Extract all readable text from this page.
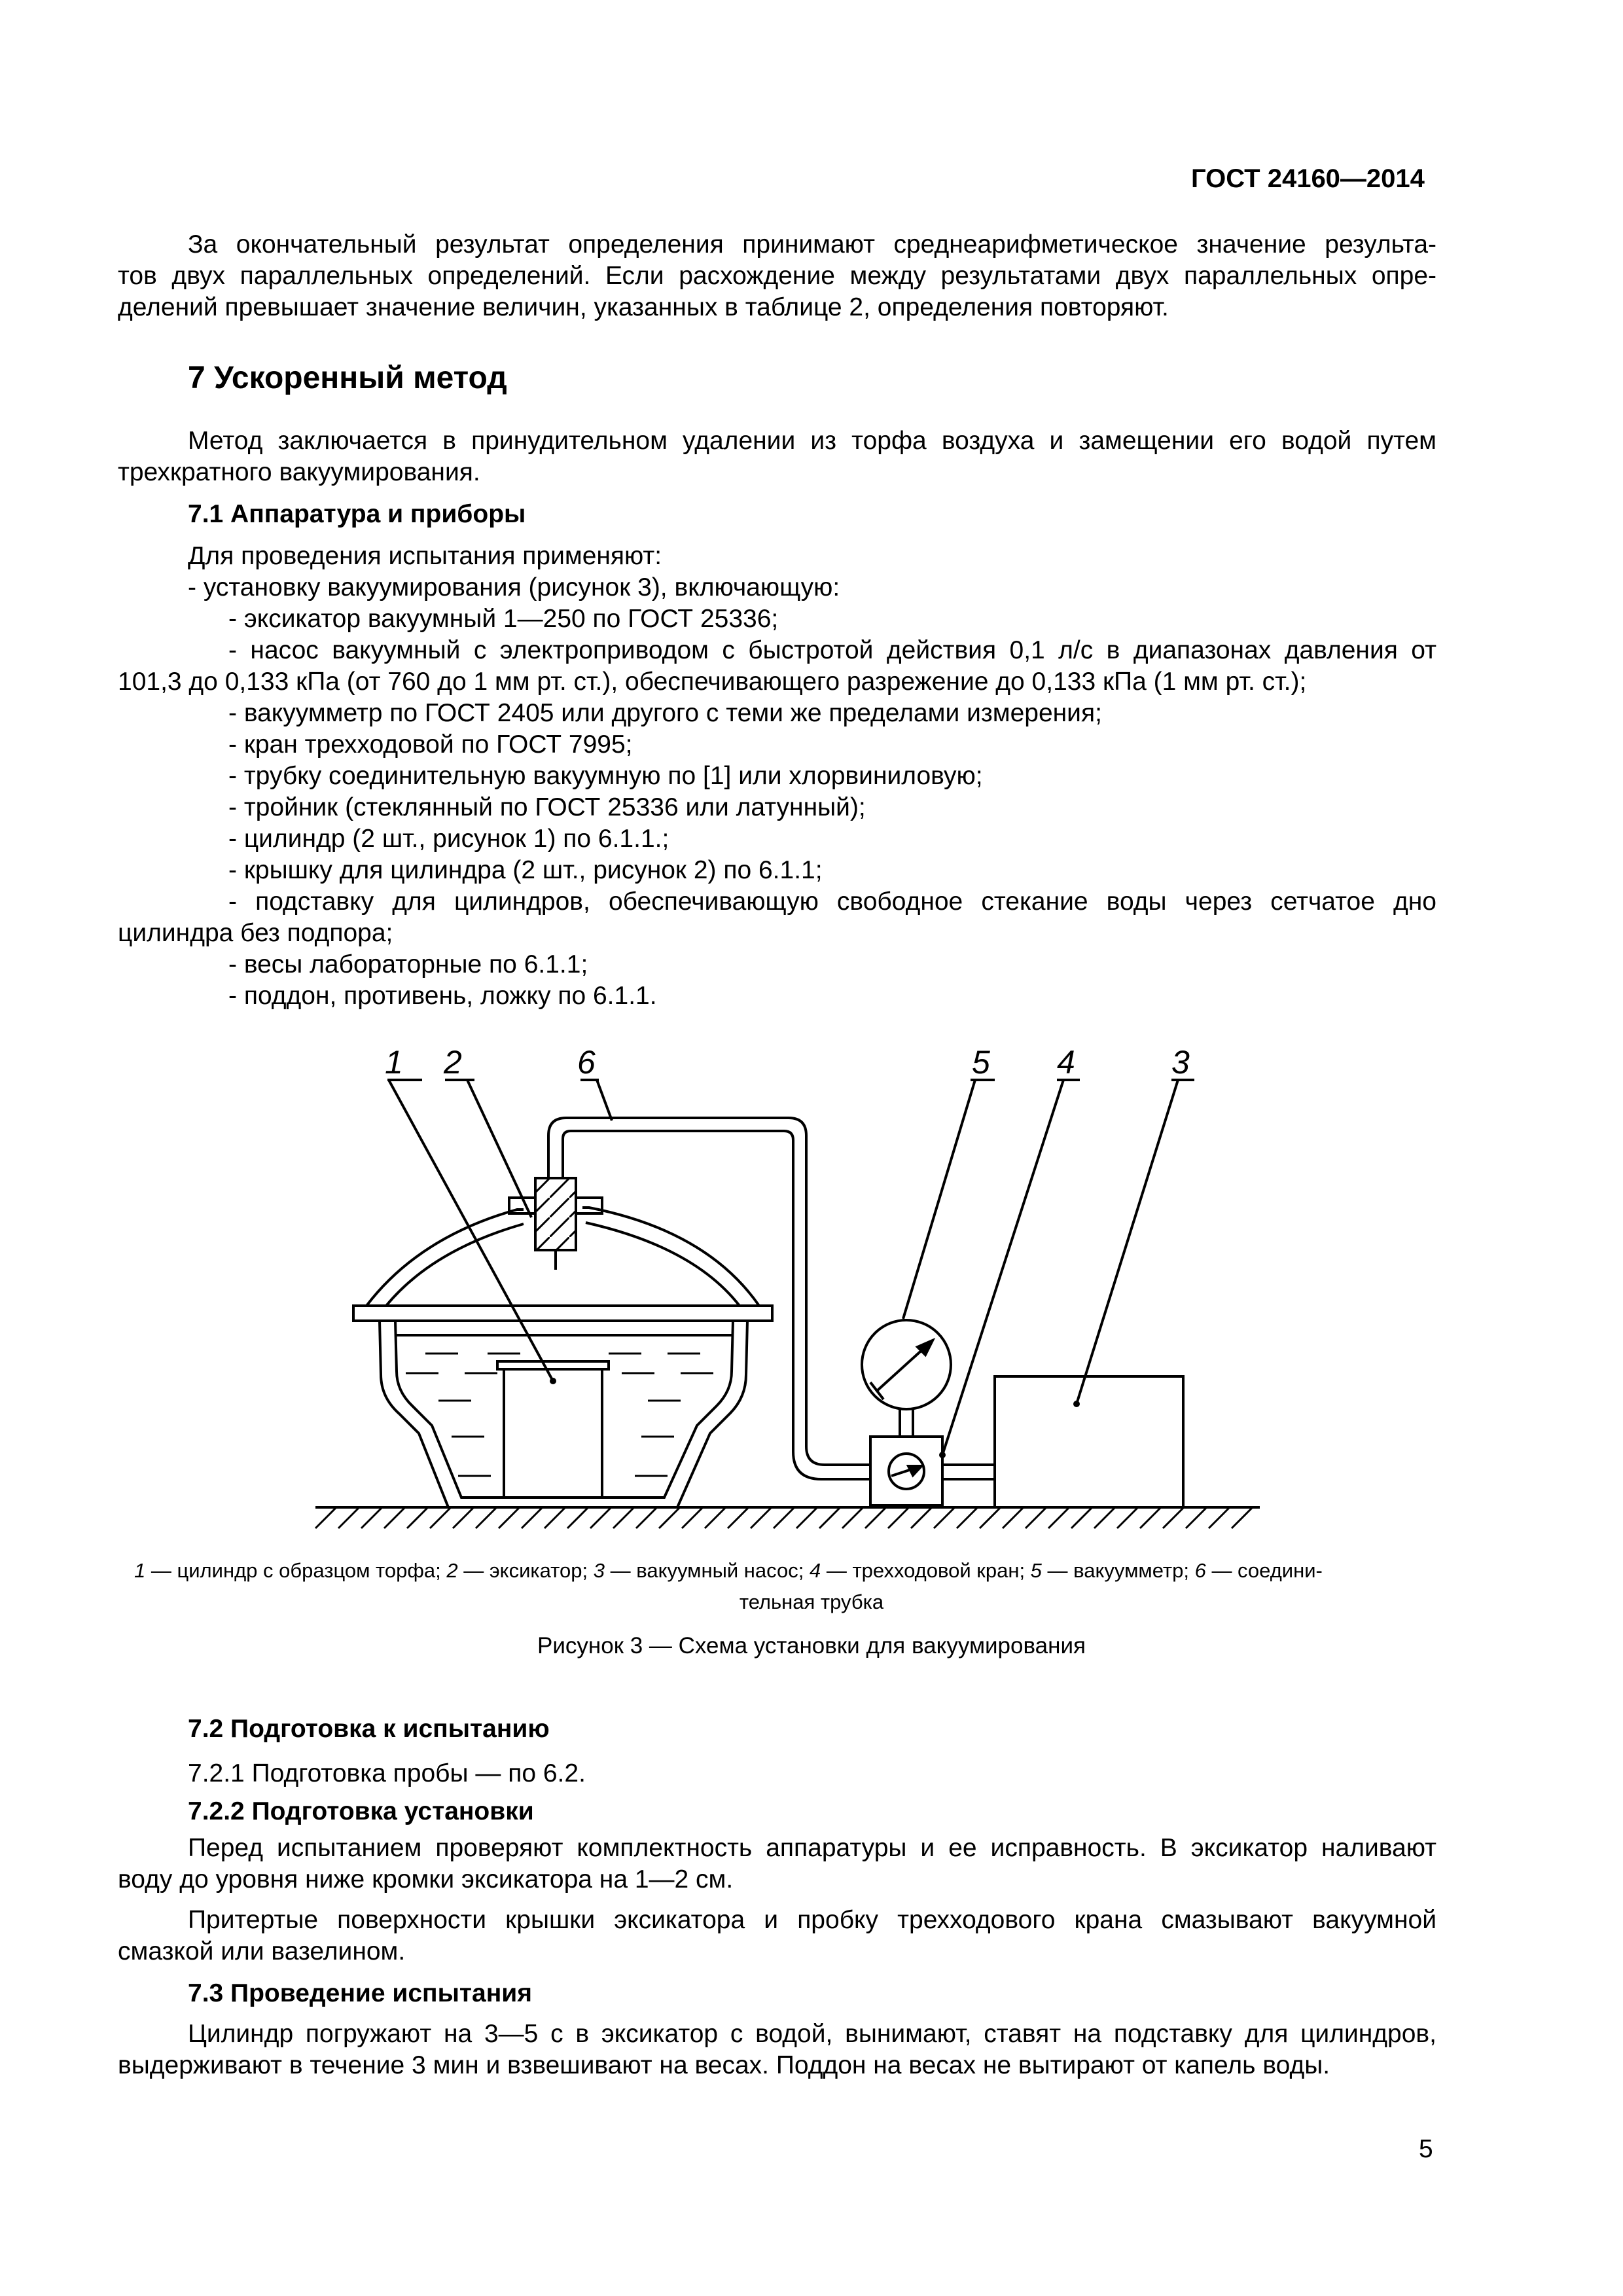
ГОСТ 24160—2014
За окончательный результат определения принимают среднеарифметическое значение результа-
тов двух параллельных определений. Если расхождение между результатами двух параллельных опре-
делений превышает значение величин, указанных в таблице 2, определения повторяют.
7 Ускоренный метод
Метод заключается в принудительном удалении из торфа воздуха и замещении его водой путем
трехкратного вакуумирования.
7.1 Аппаратура и приборы
Для проведения испытания применяют:
- установку вакуумирования (рисунок 3), включающую:
- эксикатор вакуумный 1—250 по ГОСТ 25336;
- насос вакуумный с электроприводом с быстротой действия 0,1 л/с в диапазонах давления от
101,3 до 0,133 кПа (от 760 до 1 мм рт. ст.), обеспечивающего разрежение до 0,133 кПа (1 мм рт. ст.);
- вакуумметр по ГОСТ 2405 или другого с теми же пределами измерения;
- кран трехходовой по ГОСТ 7995;
- трубку соединительную вакуумную по [1] или хлорвиниловую;
- тройник (стеклянный по ГОСТ 25336 или латунный);
- цилиндр (2 шт., рисунок 1) по 6.1.1.;
- крышку для цилиндра (2 шт., рисунок 2) по 6.1.1;
- подставку для цилиндров, обеспечивающую свободное стекание воды через сетчатое дно
цилиндра без подпора;
- весы лабораторные по 6.1.1;
- поддон, противень, ложку по 6.1.1.
1 2	6	5 4	3
1 — цилиндр с образцом торфа; 2 — эксикатор; 3 — вакуумный насос; 4 — трехходовой кран; 5 — вакуумметр; 6 — соедини-
тельная трубка
Рисунок 3 — Схема установки для вакуумирования
7.2 Подготовка к испытанию
7.2.1 Подготовка пробы — по 6.2.
7.2.2 Подготовка установки
Перед испытанием проверяют комплектность аппаратуры и ее исправность. В эксикатор наливают
воду до уровня ниже кромки эксикатора на 1—2 см.
Притертые поверхности крышки эксикатора и пробку трехходового крана смазывают вакуумной
смазкой или вазелином.
7.3 Проведение испытания
Цилиндр погружают на 3—5 с в эксикатор с водой, вынимают, ставят на подставку для цилиндров,
выдерживают в течение 3 мин и взвешивают на весах. Поддон на весах не вытирают от капель воды.
5
